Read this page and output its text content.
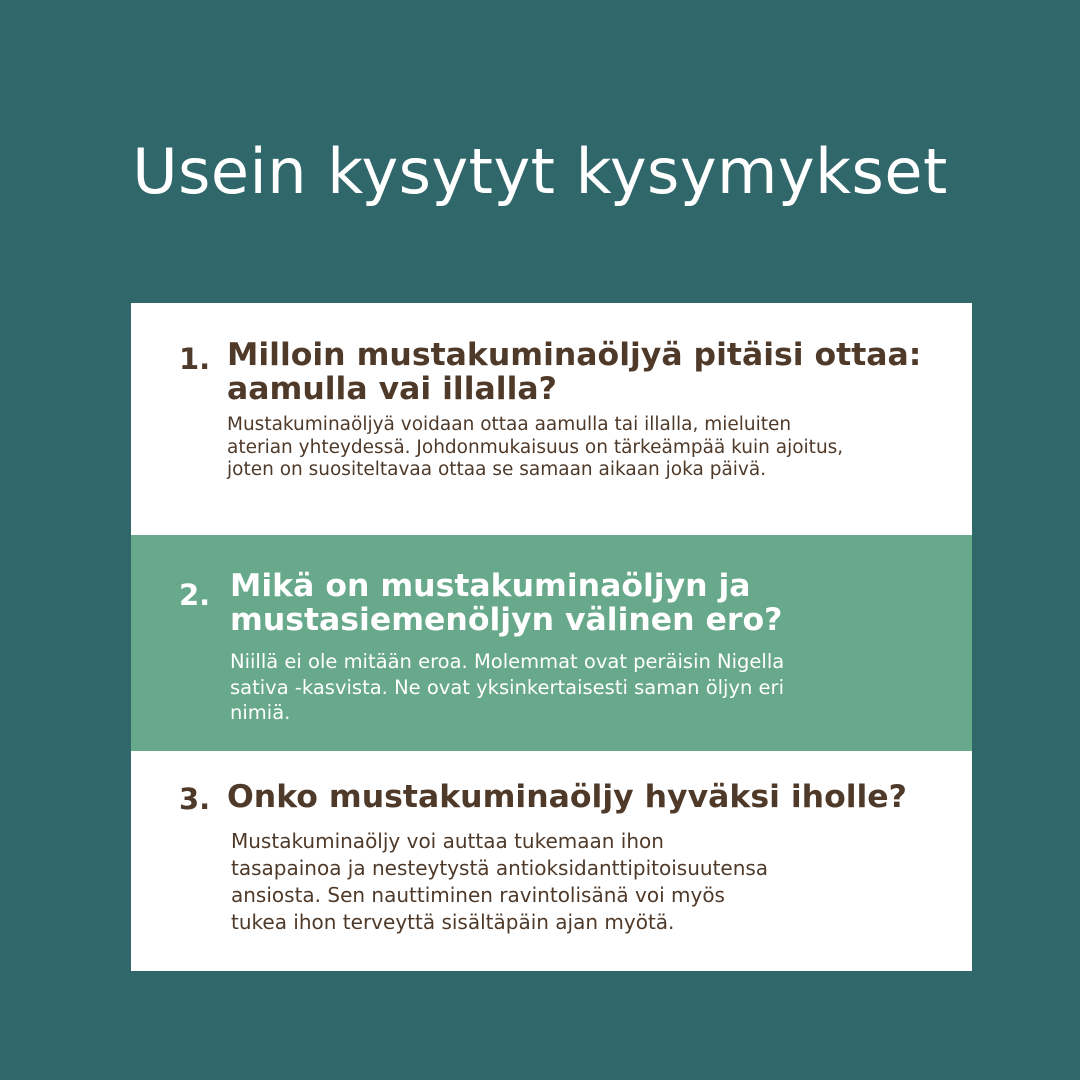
Usein kysytyt kysymykset
1. Milloin mustakuminaöljyä pitäisi ottaa:
aamulla vai illalla?
Mustakuminaöljyä voidaan ottaa aamulla tai illalla, mieluiten
aterian yhteydessä. Johdonmukaisuus on tärkeämpää kuin ajoitus,
joten on suositeltavaa ottaa se samaan aikaan joka päivä.
2. Mikä on mustakuminaöljyn ja
mustasiemenöljyn välinen ero?
Niillä ei ole mitään eroa. Molemmat ovat peräisin Nigella
sativa -kasvista. Ne ovat yksinkertaisesti saman öljyn eri
nimiä.
3. Onko mustakuminaöljy hyväksi iholle?
Mustakuminaöljy voi auttaa tukemaan ihon
tasapainoa ja nesteytystä antioksidanttipitoisuutensa
ansiosta. Sen nauttiminen ravintolisänä voi myös
tukea ihon terveyttä sisältäpäin ajan myötä.
